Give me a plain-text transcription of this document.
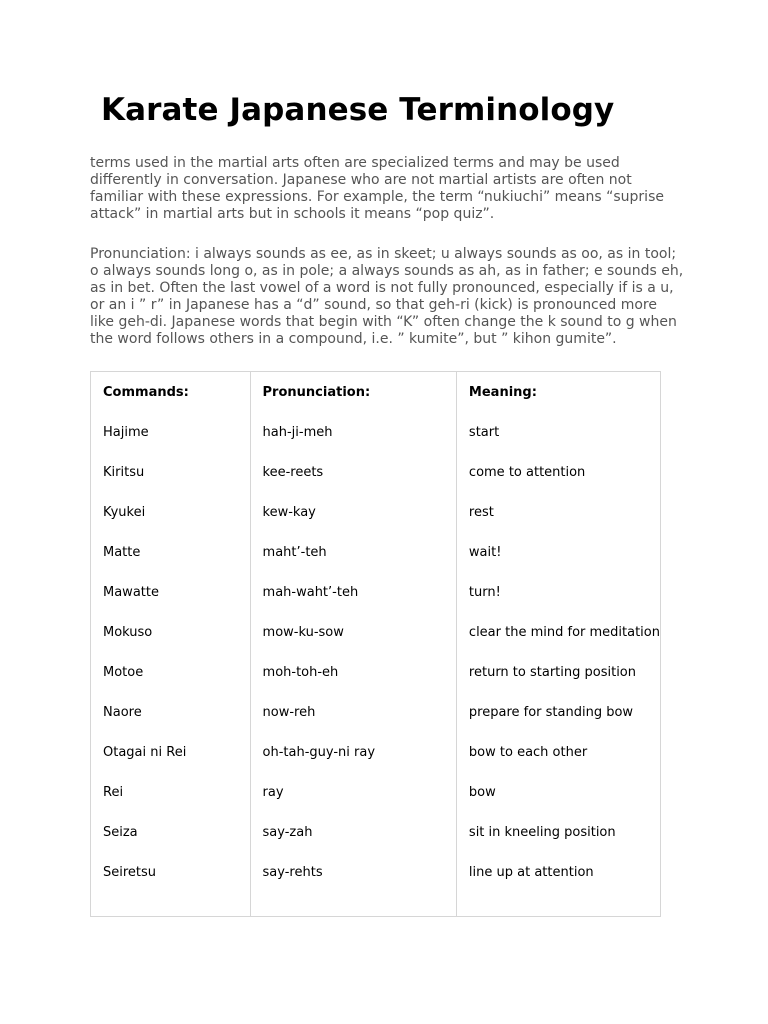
Karate Japanese Terminology

terms used in the martial arts often are specialized terms and may be used
differently in conversation. Japanese who are not martial artists are often not
familiar with these expressions. For example, the term “nukiuchi” means “suprise
attack” in martial arts but in schools it means “pop quiz”.

Pronunciation: i always sounds as ee, as in skeet; u always sounds as oo, as in tool;
o always sounds long o, as in pole; a always sounds as ah, as in father; e sounds eh,
as in bet. Often the last vowel of a word is not fully pronounced, especially if is a u,
or an i ” r” in Japanese has a “d” sound, so that geh-ri (kick) is pronounced more
like geh-di. Japanese words that begin with “K” often change the k sound to g when
the word follows others in a compound, i.e. ” kumite”, but ” kihon gumite”.

Commands:	Pronunciation:	Meaning:
Hajime	hah-ji-meh	start
Kiritsu	kee-reets	come to attention
Kyukei	kew-kay	rest
Matte	maht’-teh	wait!
Mawatte	mah-waht’-teh	turn!
Mokuso	mow-ku-sow	clear the mind for meditation
Motoe	moh-toh-eh	return to starting position
Naore	now-reh	prepare for standing bow
Otagai ni Rei	oh-tah-guy-ni ray	bow to each other
Rei	ray	bow
Seiza	say-zah	sit in kneeling position
Seiretsu	say-rehts	line up at attention
